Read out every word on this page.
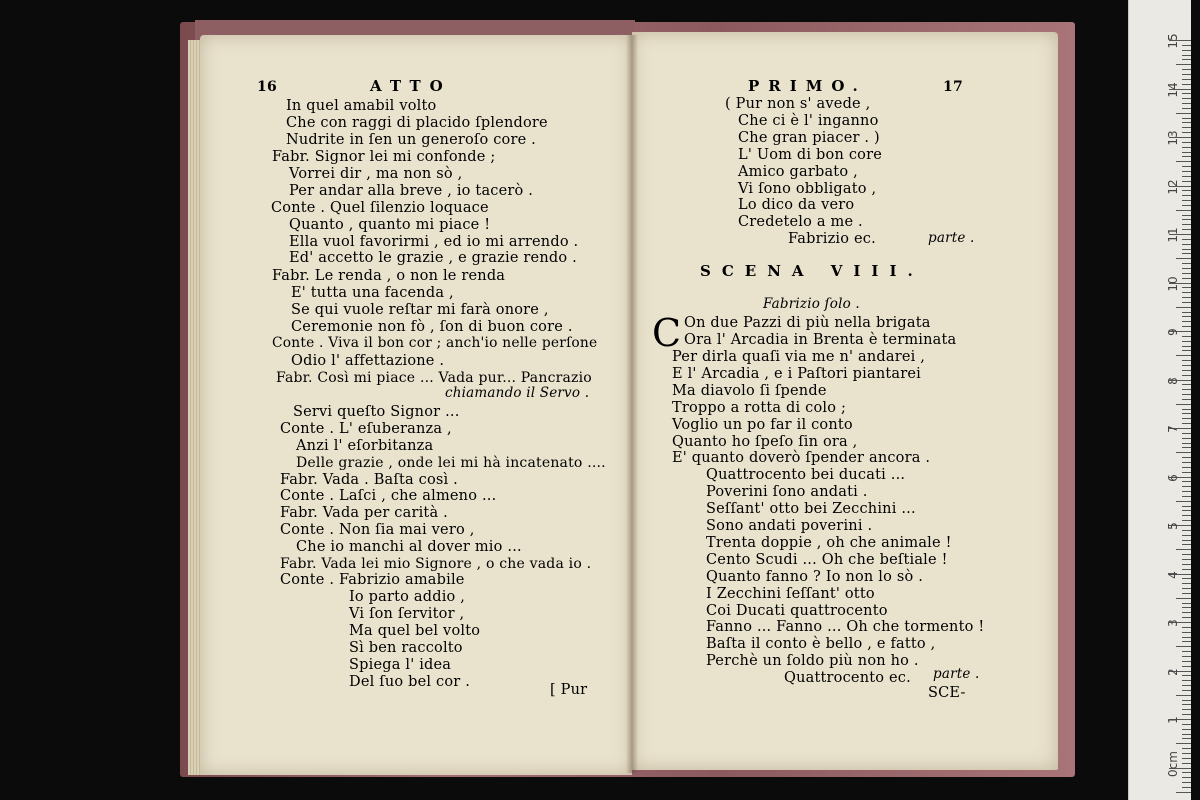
16	ATTO
In quel amabil volto
Che con raggi di placido ſplendore
Nudrite in ſen un generoſo core .
Fabr. Signor lei mi confonde ;
Vorrei dir , ma non sò ,
Per andar alla breve , io tacerò .
Conte . Quel ſilenzio loquace
Quanto , quanto mi piace !
Ella vuol favorirmi , ed io mi arrendo .
Ed' accetto le grazie , e grazie rendo .
Fabr. Le renda , o non le renda
E' tutta una facenda ,
Se qui vuole reſtar mi farà onore ,
Ceremonie non fò , ſon di buon core .
Conte . Viva il bon cor ; anch'io nelle perſone
Odio l' affettazione .
Fabr. Così mi piace ... Vada pur... Pancrazio
chiamando il Servo .
Servi queſto Signor ...
Conte . L' eſuberanza ,
Anzi l' eſorbitanza
Delle grazie , onde lei mi hà incatenato ....
Fabr. Vada . Baſta così .
Conte . Laſci , che almeno ...
Fabr. Vada per carità .
Conte . Non ſia mai vero ,
Che io manchi al dover mio ...
Fabr. Vada lei mio Signore , o che vada io .
Conte . Fabrizio amabile
Io parto addio ,
Vi ſon ſervitor ,
Ma quel bel volto
Sì ben raccolto
Spiega l' idea
Del ſuo bel cor .	[ Pur
PRIMO.	17
( Pur non s' avede ,
Che ci è l' inganno
Che gran piacer . )
L' Uom di bon core
Amico garbato ,
Vi ſono obbligato ,
Lo dico da vero
Credetelo a me .
Fabrizio ec.	parte .
SCENA VIII.
Fabrizio ſolo .
C On due Pazzi di più nella brigata
Ora l' Arcadia in Brenta è terminata
Per dirla quaſi via me n' andarei ,
E l' Arcadia , e i Paſtori piantarei
Ma diavolo ſi ſpende
Troppo a rotta di colo ;
Voglio un po far il conto
Quanto ho ſpeſo ſin ora ,
E' quanto doverò ſpender ancora .
Quattrocento bei ducati ...
Poverini ſono andati .
Seſſant' otto bei Zecchini ...
Sono andati poverini .
Trenta doppie , oh che animale !
Cento Scudi ... Oh che beſtiale !
Quanto fanno ? Io non lo sò .
I Zecchini ſeſſant' otto
Coi Ducati quattrocento
Fanno ... Fanno ... Oh che tormento !
Baſta il conto è bello , e fatto ,
Perchè un ſoldo più non ho .
Quattrocento ec. parte .
SCE-
15
14
13
12
11
10
9
8
7
6
5
4
3
2
1
0cm
